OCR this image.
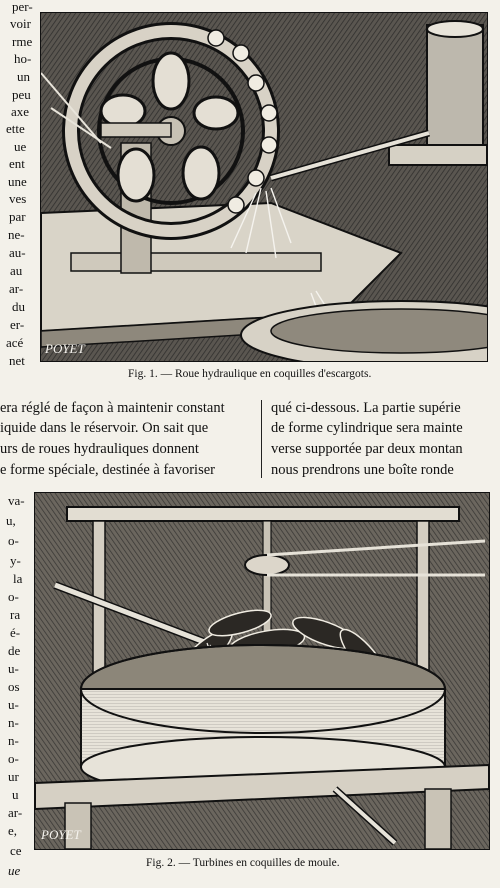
per-
voir
rme
ho-
un
peu
axe
ette
ue
ent
une
ves
par
ne-
au-
au
ar-
du
er-
acé
net
POYET
Fig. 1. — Roue hydraulique en coquilles d'escargots.
era réglé de façon à maintenir constant
iquide dans le réservoir. On sait que
urs de roues hydrauliques donnent
e forme spéciale, destinée à favoriser
qué ci-dessous. La partie supérie
de forme cylindrique sera mainte
verse supportée par deux montan
nous prendrons une boîte ronde
va-
u,
o-
y-
la
o-
ra
é-
de
u-
os
u-
n-
n-
o-
ur
u
ar-
e,
ce
ue
POYET
Fig. 2. — Turbines en coquilles de moule.
